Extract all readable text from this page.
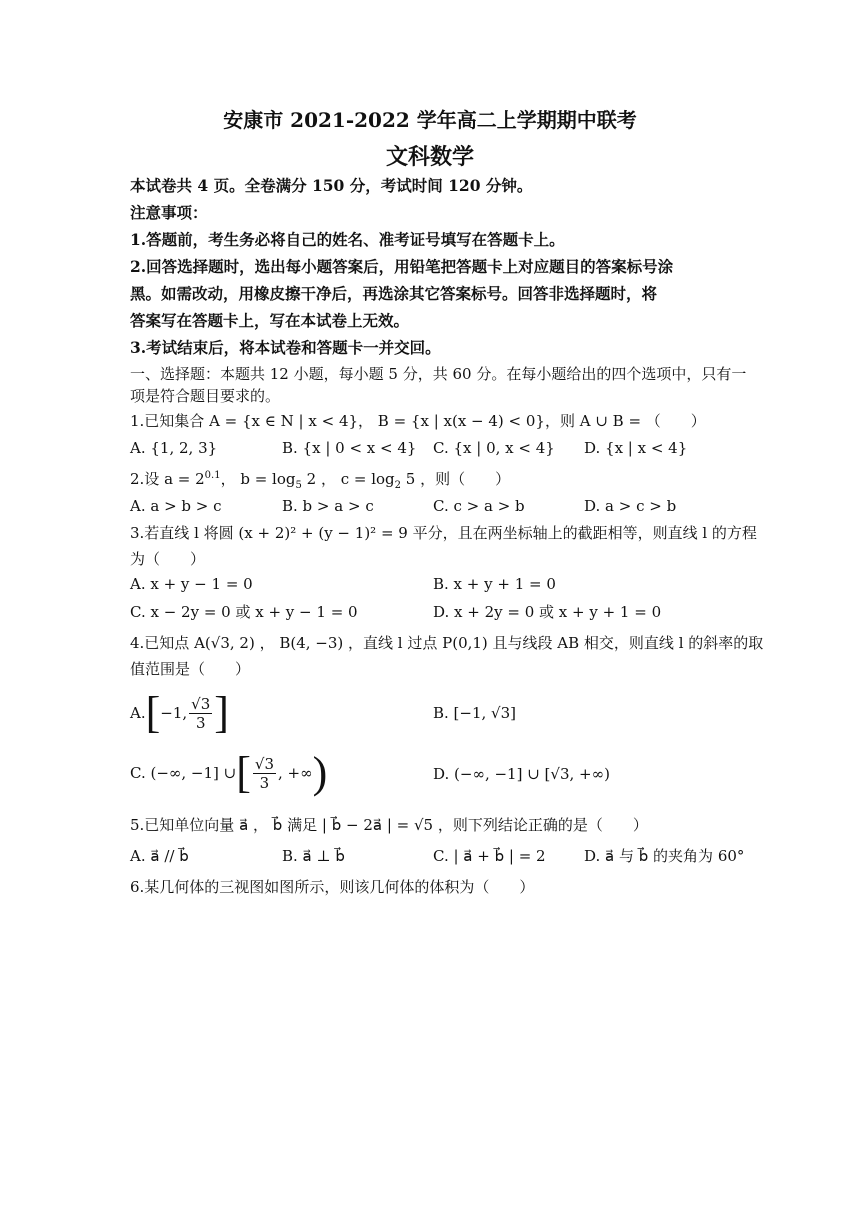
安康市 2021-2022 学年高二上学期期中联考
文科数学
本试卷共 4 页。全卷满分 150 分，考试时间 120 分钟。
注意事项：
1.答题前，考生务必将自己的姓名、准考证号填写在答题卡上。
2.回答选择题时，选出每小题答案后，用铅笔把答题卡上对应题目的答案标号涂
黑。如需改动，用橡皮擦干净后，再选涂其它答案标号。回答非选择题时，将
答案写在答题卡上，写在本试卷上无效。
3.考试结束后，将本试卷和答题卡一并交回。
一、选择题：本题共 12 小题，每小题 5 分，共 60 分。在每小题给出的四个选项中，只有一
项是符合题目要求的。
1.已知集合 A = {x ∈ N | x < 4}， B = {x | x(x − 4) < 0}，则 A ∪ B = （　　）
A. {1, 2, 3}	B. {x | 0 < x < 4} C. {x | 0, x < 4} D. {x | x < 4}
2.设 $a = 2^{0.1}$， $b = \log_5 2$ ， $c = \log_2 5$ ，则（　　）
A. a > b > c	B. b > a > c	C. c > a > b	D. a > c > b
3.若直线 l 将圆 (x + 2)² + (y − 1)² = 9 平分，且在两坐标轴上的截距相等，则直线 l 的方程
为（　　）
A. x + y − 1 = 0	B. x + y + 1 = 0
C. x − 2y = 0 或 x + y − 1 = 0	D. x + 2y = 0 或 x + y + 1 = 0
4.已知点 A(√3, 2) ， B(4, −3) ，直线 l 过点 P(0,1) 且与线段 AB 相交，则直线 l 的斜率的取
值范围是（　　）
A. [ −1, $\frac{√3}{3}$ ]	B. [−1, √3]
C. (−∞, −1] ∪ [ $\frac{√3}{3}$ , +∞ )	D. (−∞, −1] ∪ [√3, +∞)
5.已知单位向量 a⃗ ， b⃗ 满足 | b⃗ − 2a⃗ | = √5 ，则下列结论正确的是（　　）
A. a⃗ // b⃗	B. a⃗ ⊥ b⃗	C. | a⃗ + b⃗ | = 2	D. a⃗ 与 b⃗ 的夹角为 60°
6.某几何体的三视图如图所示，则该几何体的体积为（　　）
